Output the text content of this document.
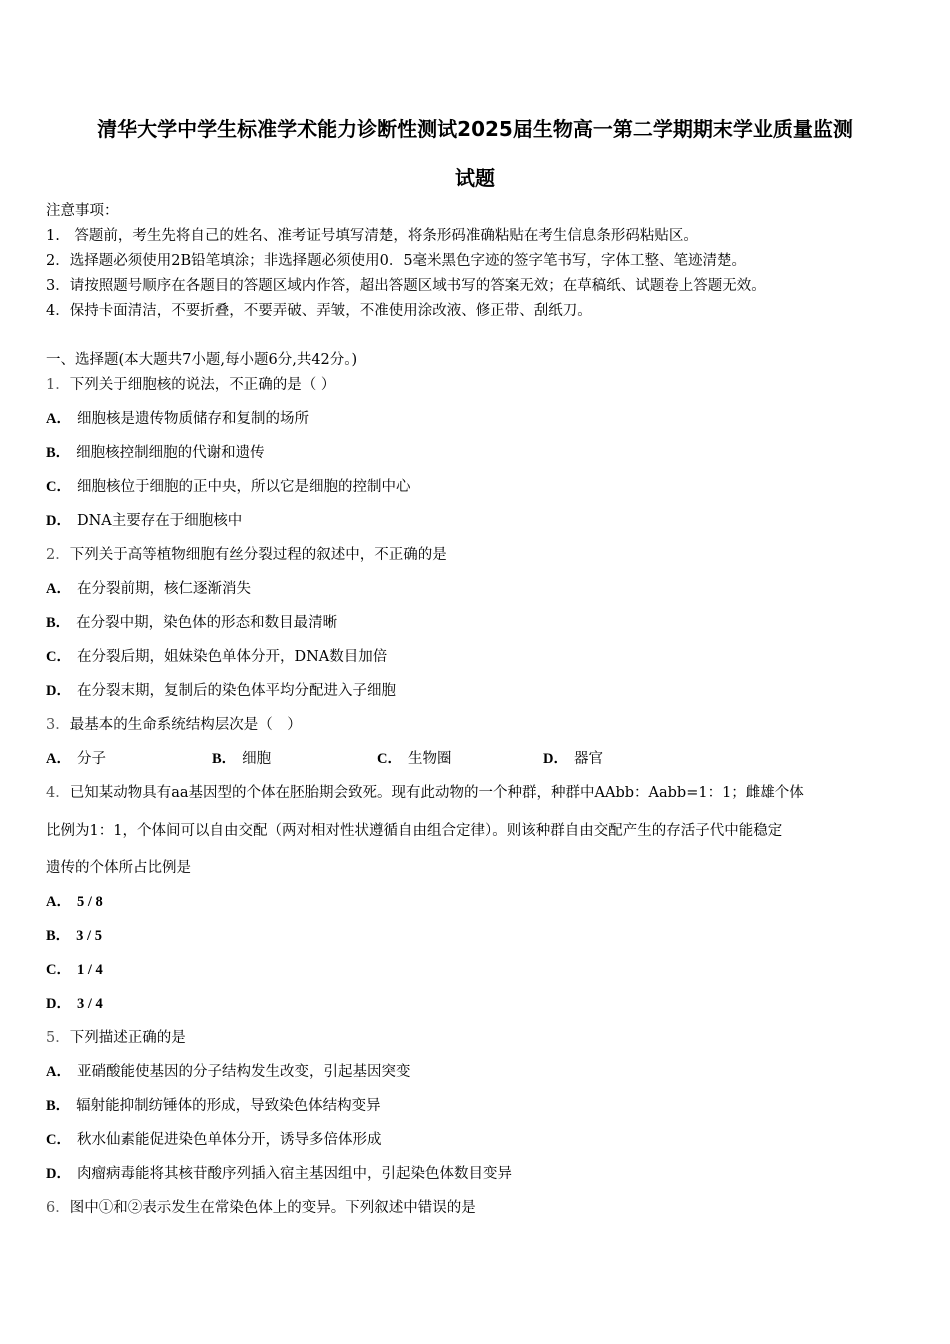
清华大学中学生标准学术能力诊断性测试2025届生物高一第二学期期末学业质量监测
试题
注意事项：
1.　答题前，考生先将自己的姓名、准考证号填写清楚，将条形码准确粘贴在考生信息条形码粘贴区。
2．选择题必须使用2B铅笔填涂；非选择题必须使用0．5毫米黑色字迹的签字笔书写，字体工整、笔迹清楚。
3．请按照题号顺序在各题目的答题区域内作答，超出答题区域书写的答案无效；在草稿纸、试题卷上答题无效。
4．保持卡面清洁，不要折叠，不要弄破、弄皱，不准使用涂改液、修正带、刮纸刀。
一、选择题(本大题共7小题,每小题6分,共42分。)
1．下列关于细胞核的说法，不正确的是（ ）
A． 细胞核是遗传物质储存和复制的场所
B． 细胞核控制细胞的代谢和遗传
C． 细胞核位于细胞的正中央，所以它是细胞的控制中心
D． DNA主要存在于细胞核中
2．下列关于高等植物细胞有丝分裂过程的叙述中，不正确的是
A． 在分裂前期，核仁逐渐消失
B． 在分裂中期，染色体的形态和数目最清晰
C． 在分裂后期，姐妹染色单体分开，DNA数目加倍
D． 在分裂末期，复制后的染色体平均分配进入子细胞
3．最基本的生命系统结构层次是（　）
A． 分子	B． 细胞	C． 生物圈	D． 器官
4．已知某动物具有aa基因型的个体在胚胎期会致死。现有此动物的一个种群，种群中AAbb：Aabb=1：1；雌雄个体
比例为1：1，个体间可以自由交配（两对相对性状遵循自由组合定律）。则该种群自由交配产生的存活子代中能稳定
遗传的个体所占比例是
A． 5 / 8
B． 3 / 5
C． 1 / 4
D． 3 / 4
5．下列描述正确的是
A． 亚硝酸能使基因的分子结构发生改变，引起基因突变
B． 辐射能抑制纺锤体的形成，导致染色体结构变异
C． 秋水仙素能促进染色单体分开，诱导多倍体形成
D． 肉瘤病毒能将其核苷酸序列插入宿主基因组中，引起染色体数目变异
6．图中①和②表示发生在常染色体上的变异。下列叙述中错误的是
